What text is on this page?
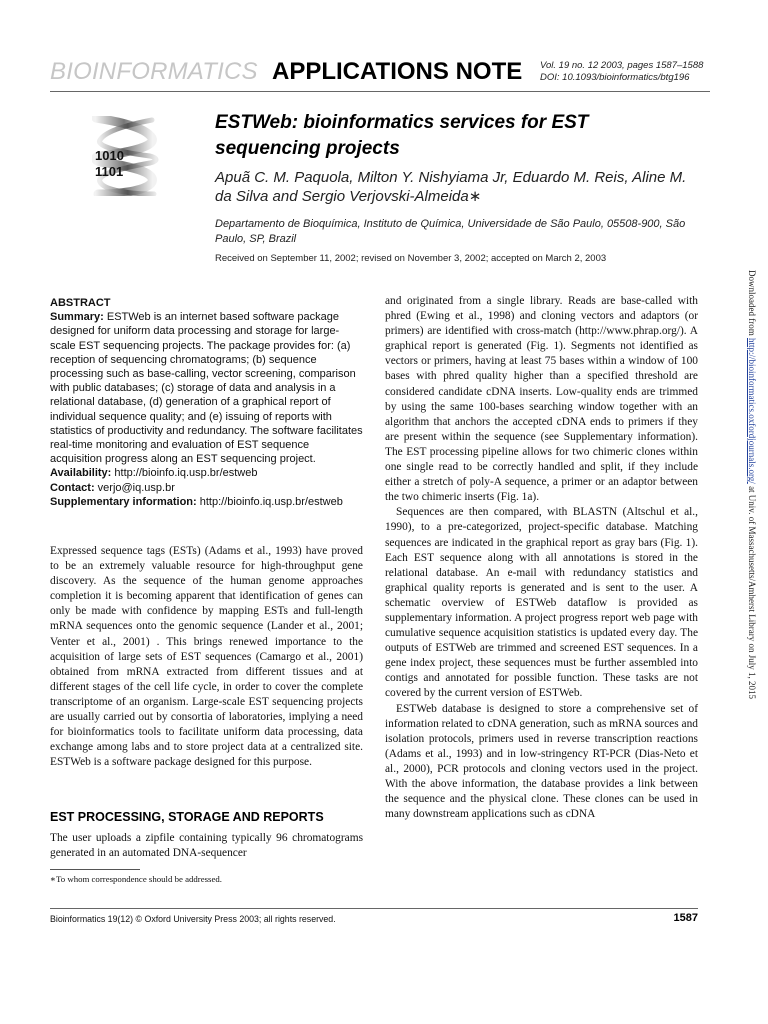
BIOINFORMATICS APPLICATIONS NOTE Vol. 19 no. 12 2003, pages 1587–1588
DOI: 10.1093/bioinformatics/btg196
1010
1101
ESTWeb: bioinformatics services for EST sequencing projects
Apuã C. M. Paquola, Milton Y. Nishyiama Jr, Eduardo M. Reis, Aline M. da Silva and Sergio Verjovski-Almeida∗
Departamento de Bioquímica, Instituto de Química, Universidade de São Paulo, 05508-900, São Paulo, SP, Brazil
Received on September 11, 2002; revised on November 3, 2002; accepted on March 2, 2003

ABSTRACT

Summary: ESTWeb is an internet based software package designed for uniform data processing and storage for large-scale EST sequencing projects. The package provides for: (a) reception of sequencing chromatograms; (b) sequence processing such as base-calling, vector screening, comparison with public databases; (c) storage of data and analysis in a relational database, (d) generation of a graphical report of individual sequence quality; and (e) issuing of reports with statistics of productivity and redundancy. The software facilitates real-time monitoring and evaluation of EST sequence acquisition progress along an EST sequencing project.

Availability: http://bioinfo.iq.usp.br/estweb

Contact: verjo@iq.usp.br

Supplementary information: http://bioinfo.iq.usp.br/estweb

Expressed sequence tags (ESTs) (Adams et al., 1993) have proved to be an extremely valuable resource for high-throughput gene discovery. As the sequence of the human genome approaches completion it is becoming apparent that identification of genes can only be made with confidence by mapping ESTs and full-length mRNA sequences onto the genomic sequence (Lander et al., 2001; Venter et al., 2001) . This brings renewed importance to the acquisition of large sets of EST sequences (Camargo et al., 2001) obtained from mRNA extracted from different tissues and at different stages of the cell life cycle, in order to cover the complete transcriptome of an organism. Large-scale EST sequencing projects are usually carried out by consortia of laboratories, implying a need for bioinformatics tools to facilitate uniform data processing, data exchange among labs and to store project data at a centralized site. ESTWeb is a software package designed for this purpose.

EST PROCESSING, STORAGE AND REPORTS
The user uploads a zipfile containing typically 96 chromatograms generated in an automated DNA-sequencer
∗To whom correspondence should be addressed.

and originated from a single library. Reads are base-called with phred (Ewing et al., 1998) and cloning vectors and adaptors (or primers) are identified with cross-match (http://www.phrap.org/). A graphical report is generated (Fig. 1). Segments not identified as vectors or primers, having at least 75 bases within a window of 100 bases with phred quality higher than a specified threshold are considered candidate cDNA inserts. Low-quality ends are trimmed by using the same 100-bases searching window together with an algorithm that anchors the accepted cDNA ends to primers if they are present within the sequence (see Supplementary information). The EST processing pipeline allows for two chimeric clones within one single read to be correctly handled and split, if they include either a stretch of poly-A sequence, a primer or an adaptor between the two chimeric inserts (Fig. 1a).

Sequences are then compared, with BLASTN (Altschul et al., 1990), to a pre-categorized, project-specific database. Matching sequences are indicated in the graphical report as gray bars (Fig. 1). Each EST sequence along with all annotations is stored in the relational database. An e-mail with redundancy statistics and graphical quality reports is generated and is sent to the user. A schematic overview of ESTWeb dataflow is provided as supplementary information. A project progress report web page with cumulative sequence acquisition statistics is updated every day. The outputs of ESTWeb are trimmed and screened EST sequences. In a gene index project, these sequences must be further assembled into contigs and annotated for possible function. These tasks are not covered by the current version of ESTWeb.

ESTWeb database is designed to store a comprehensive set of information related to cDNA generation, such as mRNA sources and isolation protocols, primers used in reverse transcription reactions (Adams et al., 1993) and in low-stringency RT-PCR (Dias-Neto et al., 2000), PCR protocols and cloning vectors used in the project. With the above information, the database provides a link between the sequence and the physical clone. These clones can be used in many downstream applications such as cDNA

Bioinformatics 19(12) © Oxford University Press 2003; all rights reserved.	1587
Downloaded from http://bioinformatics.oxfordjournals.org/ at Univ. of Massachusetts/Amherst Library on July 1, 2015
